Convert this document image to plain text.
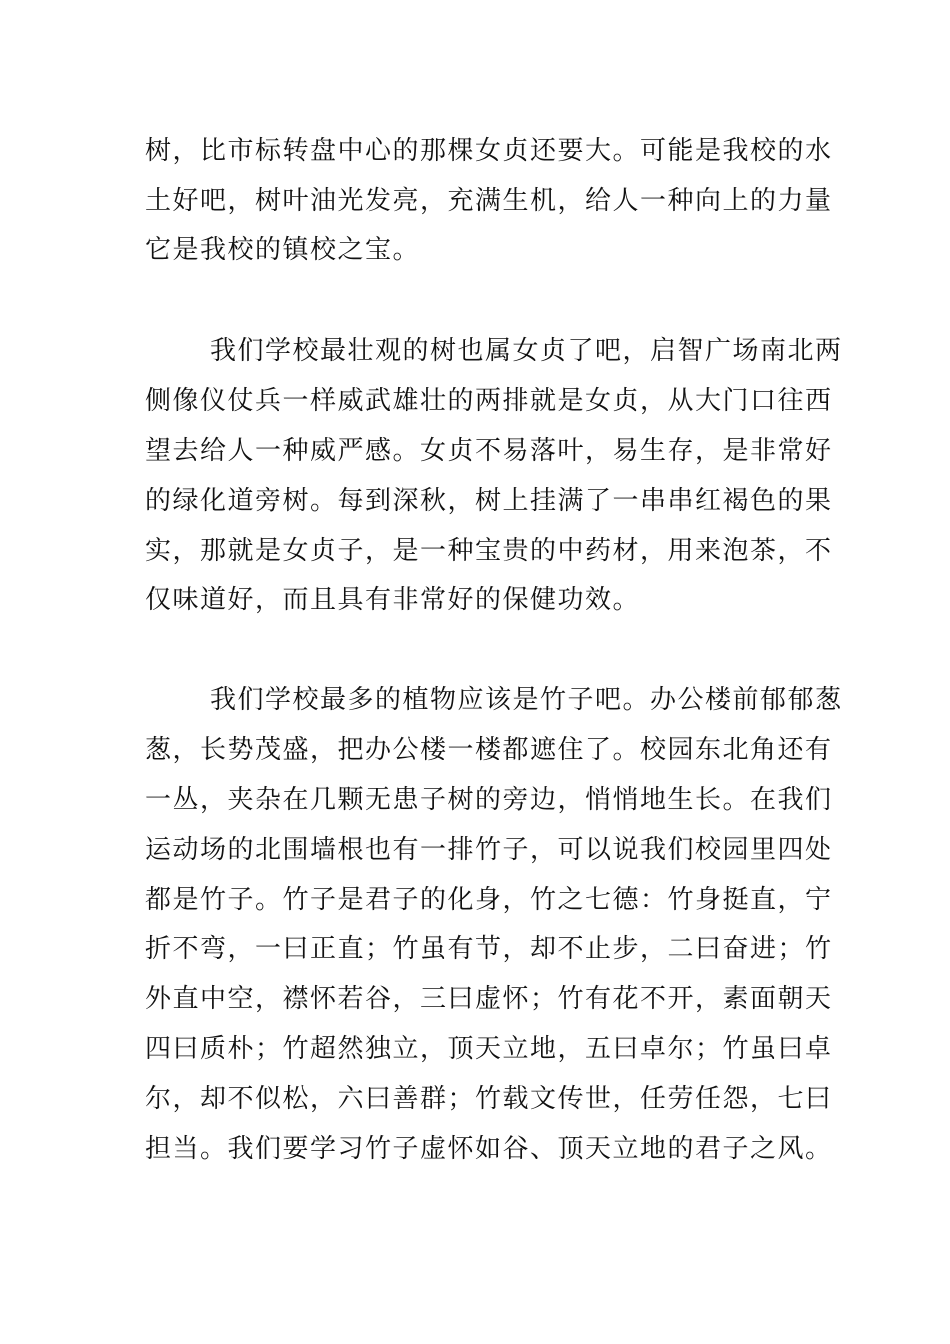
树，比市标转盘中心的那棵女贞还要大。可能是我校的水
土好吧，树叶油光发亮，充满生机，给人一种向上的力量
它是我校的镇校之宝。
我们学校最壮观的树也属女贞了吧，启智广场南北两
侧像仪仗兵一样威武雄壮的两排就是女贞，从大门口往西
望去给人一种威严感。女贞不易落叶，易生存，是非常好
的绿化道旁树。每到深秋，树上挂满了一串串红褐色的果
实，那就是女贞子，是一种宝贵的中药材，用来泡茶，不
仅味道好，而且具有非常好的保健功效。
我们学校最多的植物应该是竹子吧。办公楼前郁郁葱
葱，长势茂盛，把办公楼一楼都遮住了。校园东北角还有
一丛，夹杂在几颗无患子树的旁边，悄悄地生长。在我们
运动场的北围墙根也有一排竹子，可以说我们校园里四处
都是竹子。竹子是君子的化身，竹之七德：竹身挺直，宁
折不弯，一曰正直；竹虽有节，却不止步，二曰奋进；竹
外直中空，襟怀若谷，三曰虚怀；竹有花不开，素面朝天
四曰质朴；竹超然独立，顶天立地，五曰卓尔；竹虽曰卓
尔，却不似松，六曰善群；竹载文传世，任劳任怨，七曰
担当。我们要学习竹子虚怀如谷、顶天立地的君子之风。
